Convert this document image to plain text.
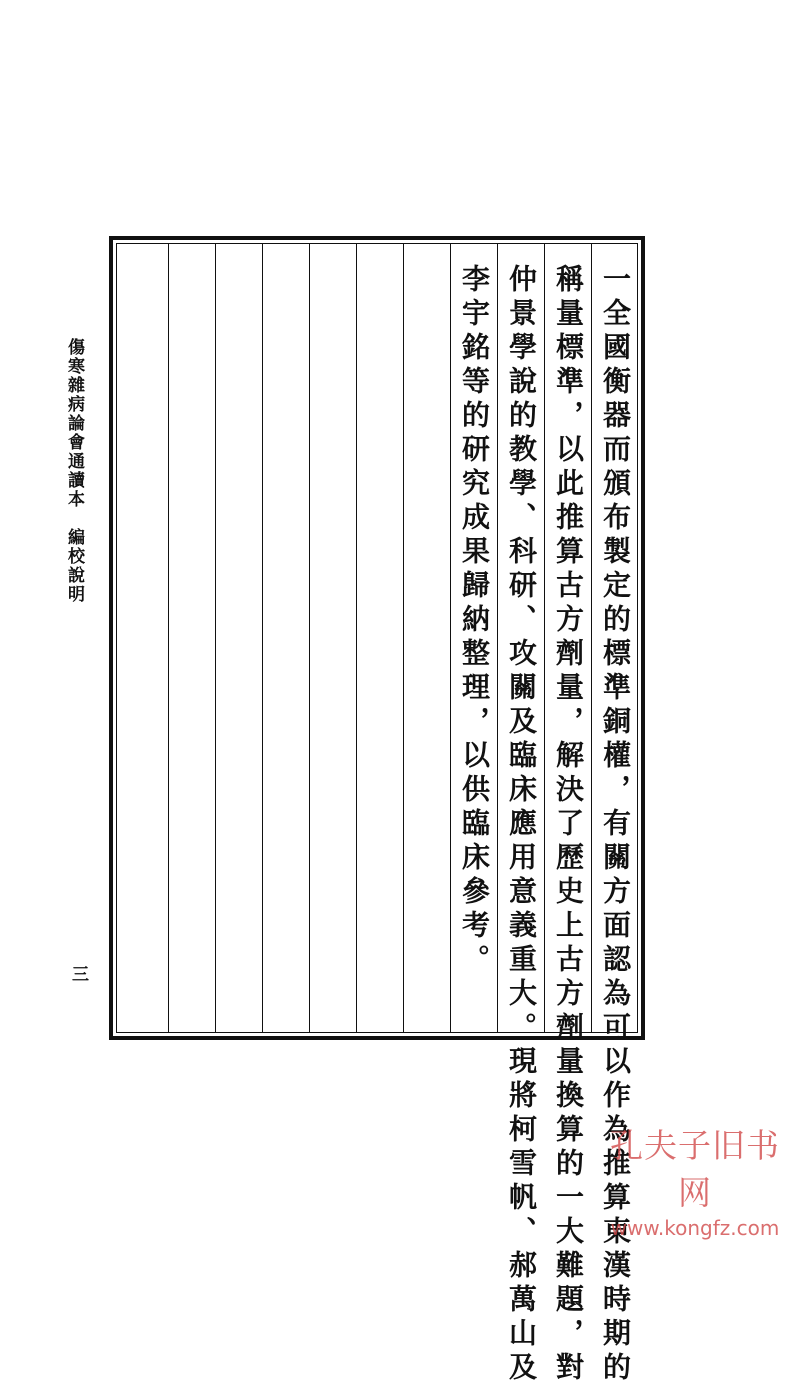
傷寒雜病論會通讀本　編校說明
三	一全國衡器而頒布製定的標準銅權，有關方面認為可以作為推算東漢時期的
稱量標準，以此推算古方劑量，解決了歷史上古方劑量換算的一大難題，對
仲景學說的教學、科研、攻關及臨床應用意義重大。現將柯雪帆、郝萬山及
李宇銘等的研究成果歸納整理，以供臨床參考。
孔夫子旧书网
www.kongfz.com
